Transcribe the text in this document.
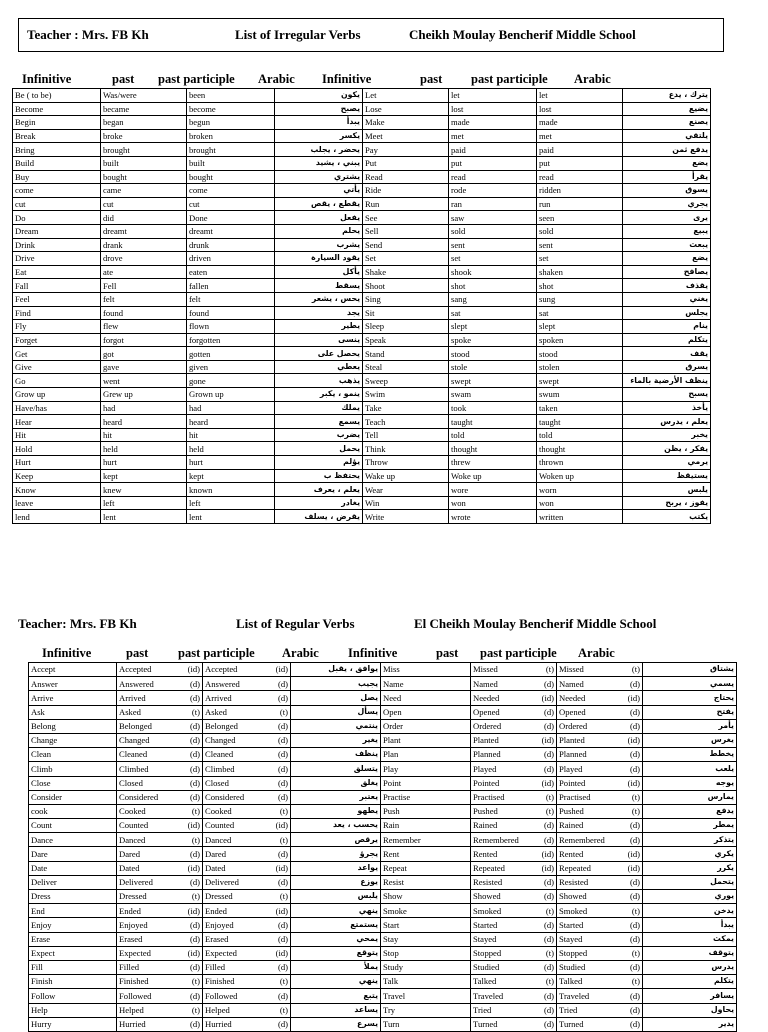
Teacher : Mrs. FB Kh	List of Irregular Verbs	Cheikh Moulay Bencherif Middle School
Infinitive	past past participle Arabic Infinitive	past past participle Arabic
Be ( to be)	Was/were	been	يكون	Let	let	let	يترك ، يدع
Become	became	become	يصبح	Lose	lost	lost	يضيع
Begin	began	begun	يبدأ	Make	made	made	يصنع
Break	broke	broken	يكسر	Meet	met	met	يلتقي
Bring	brought	brought	يحضر ، يجلب	Pay	paid	paid	يدفع ثمن
Build	built	built	يبني ، يشيد	Put	put	put	يضع
Buy	bought	bought	يشتري	Read	read	read	يقرأ
come	came	come	يأتي	Ride	rode	ridden	يسوق
cut	cut	cut	يقطع ، يقص	Run	ran	run	يجري
Do	did	Done	يفعل	See	saw	seen	يرى
Dream	dreamt	dreamt	يحلم	Sell	sold	sold	يبيع
Drink	drank	drunk	يشرب	Send	sent	sent	يبعث
Drive	drove	driven	يقود السيارة	Set	set	set	يضع
Eat	ate	eaten	يأكل	Shake	shook	shaken	يصافح
Fall	Fell	fallen	يسقط	Shoot	shot	shot	يقذف
Feel	felt	felt	يحس ، يشعر	Sing	sang	sung	يغني
Find	found	found	يجد	Sit	sat	sat	يجلس
Fly	flew	flown	يطير	Sleep	slept	slept	ينام
Forget	forgot	forgotten	ينسى	Speak	spoke	spoken	يتكلم
Get	got	gotten	يحصل على	Stand	stood	stood	يقف
Give	gave	given	يعطي	Steal	stole	stolen	يسرق
Go	went	gone	يذهب	Sweep	swept	swept	ينظف الأرضية بالماء
Grow up	Grew up	Grown up	ينمو ، يكبر	Swim	swam	swum	يسبح
Have/has	had	had	يملك	Take	took	taken	يأخذ
Hear	heard	heard	يسمع	Teach	taught	taught	يعلم ، يدرس
Hit	hit	hit	يضرب	Tell	told	told	يخبر
Hold	held	held	يحمل	Think	thought	thought	يفكر ، يظن
Hurt	hurt	hurt	يؤلم	Throw	threw	thrown	يرمي
Keep	kept	kept	يحتفظ ب	Wake up	Woke up	Woken up	يستيقظ
Know	knew	known	يعلم ، يعرف	Wear	wore	worn	يلبس
leave	left	left	يغادر	Win	won	won	يفوز ، يربح
lend	lent	lent	يقرض ، يسلف	Write	wrote	written	يكتب
Teacher: Mrs. FB Kh	List of Regular Verbs	El Cheikh Moulay Bencherif Middle School
Infinitive	past past participle Arabic Infinitive	past past participle Arabic
Accept	Accepted (id)	Accepted (id)	يوافق ، يقبل	Miss	Missed (t)	Missed (t)	يشتاق
Answer	Answered (d)	Answered (d)	يجيب	Name	Named (d)	Named (d)	يسمي
Arrive	Arrived (d)	Arrived (d)	يصل	Need	Needed (id)	Needed (id)	يحتاج
Ask	Asked (t)	Asked (t)	يسأل	Open	Opened (d)	Opened (d)	يفتح
Belong	Belonged (d)	Belonged (d)	ينتمي	Order	Ordered (d)	Ordered (d)	يأمر
Change	Changed (d)	Changed (d)	يغير	Plant	Planted (id)	Planted (id)	يغرس
Clean	Cleaned (d)	Cleaned (d)	ينظف	Plan	Planned (d)	Planned (d)	يخطط
Climb	Climbed (d)	Climbed (d)	يتسلق	Play	Played (d)	Played (d)	يلعب
Close	Closed (d)	Closed (d)	يغلق	Point	Pointed (id)	Pointed (id)	يوجه
Consider	Considered (d)	Considered (d)	يعتبر	Practise	Practised (t)	Practised (t)	يمارس
cook	Cooked (t)	Cooked (t)	يطهو	Push	Pushed (t)	Pushed (t)	يدفع
Count	Counted (id)	Counted (id)	يحسب ، يعد	Rain	Rained (d)	Rained (d)	يمطر
Dance	Danced (t)	Danced (t)	يرقص	Remember	Remembered (d)	Remembered (d)	يتذكر
Dare	Dared (d)	Dared (d)	يجرؤ	Rent	Rented (id)	Rented (id)	يكري
Date	Dated (id)	Dated (id)	يواعد	Repeat	Repeated (id)	Repeated (id)	يكرر
Deliver	Delivered (d)	Delivered (d)	يوزع	Resist	Resisted (d)	Resisted (d)	يتحمل
Dress	Dressed (t)	Dressed (t)	يلبس	Show	Showed (d)	Showed (d)	يوري
End	Ended (id)	Ended (id)	ينهي	Smoke	Smoked (t)	Smoked (t)	يدخن
Enjoy	Enjoyed (d)	Enjoyed (d)	يستمتع	Start	Started (d)	Started (d)	يبدأ
Erase	Erased (d)	Erased (d)	يمحي	Stay	Stayed (d)	Stayed (d)	يمكث
Expect	Expected (id)	Expected (id)	يتوقع	Stop	Stopped (t)	Stopped (t)	يتوقف
Fill	Filled (d)	Filled (d)	يملأ	Study	Studied (d)	Studied (d)	يدرس
Finish	Finished (t)	Finished (t)	ينهي	Talk	Talked (t)	Talked (t)	يتكلم
Follow	Followed (d)	Followed (d)	يتبع	Travel	Traveled (d)	Traveled (d)	يسافر
Help	Helped (t)	Helped (t)	يساعد	Try	Tried (d)	Tried (d)	يحاول
Hurry	Hurried (d)	Hurried (d)	يسرع	Turn	Turned (d)	Turned (d)	يدير
